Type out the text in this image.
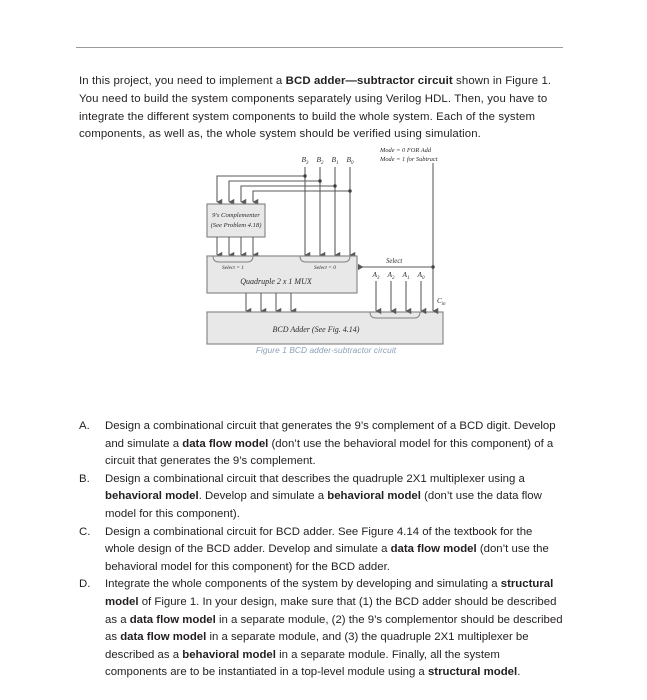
In this project, you need to implement a BCD adder—subtractor circuit shown in Figure 1. You need to build the system components separately using Verilog HDL. Then, you have to integrate the different system components to build the whole system. Each of the system components, as well as, the whole system should be verified using simulation.

$B_3$ $B_2$ $B_1$ $B_0$
$A_3$ $A_2$ $A_1$ $A_0$
Mode = 0 FOR Add
Mode = 1 for Subtract
Select
$C_{in}$
9's Complementer
(See Problem 4.18)
Select = 1	Select = 0
Quadruple 2 x 1 MUX
BCD Adder (See Fig. 4.14)
Figure 1 BCD adder-subtractor circuit
A.	Design a combinational circuit that generates the 9’s complement of a BCD digit. Develop and simulate a data flow model (don’t use the behavioral model for this component) of a circuit that generates the 9’s complement.
B.	Design a combinational circuit that describes the quadruple 2X1 multiplexer using a behavioral model. Develop and simulate a behavioral model (don’t use the data flow model for this component).
C.	Design a combinational circuit for BCD adder. See Figure 4.14 of the textbook for the whole design of the BCD adder. Develop and simulate a data flow model (don’t use the behavioral model for this component) for the BCD adder.
D.	Integrate the whole components of the system by developing and simulating a structural model of Figure 1. In your design, make sure that (1) the BCD adder should be described as a data flow model in a separate module, (2) the 9’s complementor should be described as data flow model in a separate module, and (3) the quadruple 2X1 multiplexer be described as a behavioral model in a separate module. Finally, all the system components are to be instantiated in a top-level module using a structural model.
